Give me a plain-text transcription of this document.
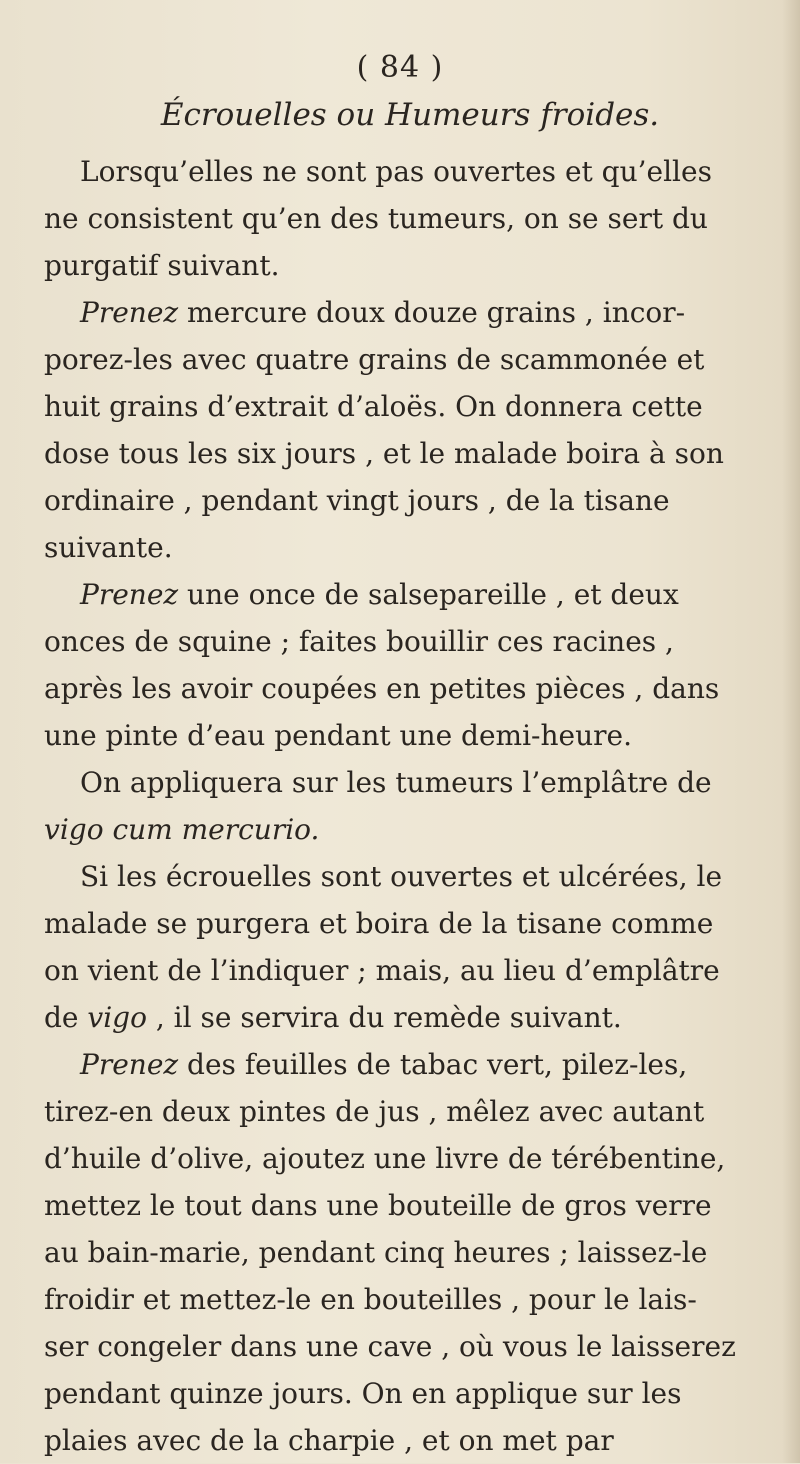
( 84 )
Écrouelles ou Humeurs froides.
Lorsqu’elles ne sont pas ouvertes et qu’elles
ne consistent qu’en des tumeurs, on se sert du
purgatif suivant.
Prenez mercure doux douze grains , incor-
porez-les avec quatre grains de scammonée et
huit grains d’extrait d’aloës. On donnera cette
dose tous les six jours , et le malade boira à son
ordinaire , pendant vingt jours , de la tisane
suivante.
Prenez une once de salsepareille , et deux
onces de squine ; faites bouillir ces racines ,
après les avoir coupées en petites pièces , dans
une pinte d’eau pendant une demi-heure.
On appliquera sur les tumeurs l’emplâtre de
vigo cum mercurio.
Si les écrouelles sont ouvertes et ulcérées, le
malade se purgera et boira de la tisane comme
on vient de l’indiquer ; mais, au lieu d’emplâtre
de vigo , il se servira du remède suivant.
Prenez des feuilles de tabac vert, pilez-les,
tirez-en deux pintes de jus , mêlez avec autant
d’huile d’olive, ajoutez une livre de térébentine,
mettez le tout dans une bouteille de gros verre
au bain-marie, pendant cinq heures ; laissez-le
froidir et mettez-le en bouteilles , pour le lais-
ser congeler dans une cave , où vous le laisserez
pendant quinze jours. On en applique sur les
plaies avec de la charpie , et on met par
